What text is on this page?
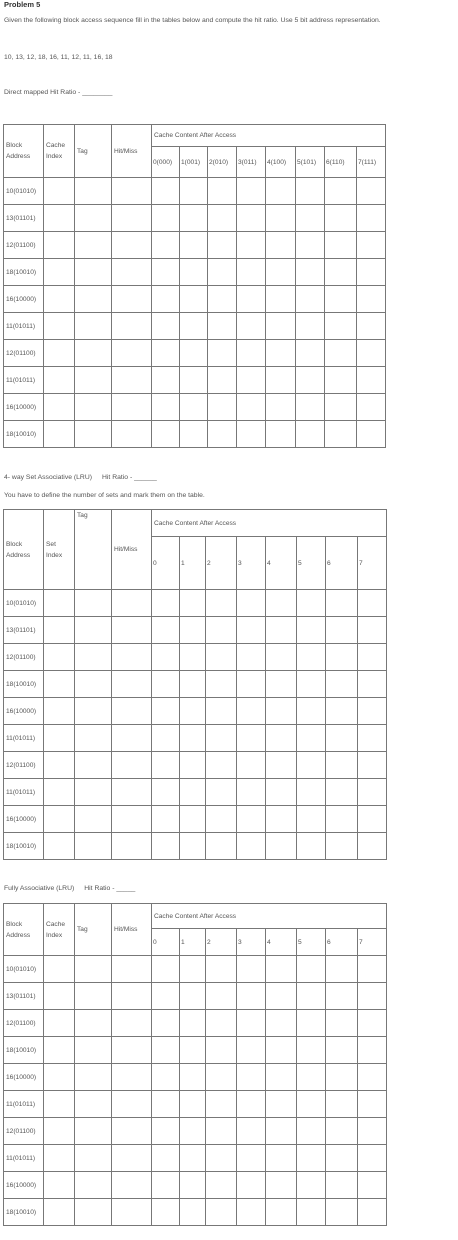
Problem 5
Given the following block access sequence fill in the tables below and compute the hit ratio. Use 5 bit address representation.
10, 13, 12, 18, 16, 11, 12, 11, 16, 18
Direct mapped Hit Ratio - ________
Block Address	Cache Index	Tag	Hit/Miss	Cache Content After Access							
				0(000)	1(001)	2(010)	3(011)	4(100)	5(101)	6(110)	7(111)
10(01010)											
13(01101)											
12(01100)											
18(10010)											
16(10000)											
11(01011)											
12(01100)											
11(01011)											
16(10000)											
18(10010)											
4- way Set Associative (LRU) Hit Ratio - ______
You have to define the number of sets and mark them on the table.
Block Address	Set Index	Tag	Hit/Miss	Cache Content After Access							
				0	1	2	3	4	5	6	7
10(01010)											
13(01101)											
12(01100)											
18(10010)											
16(10000)											
11(01011)											
12(01100)											
11(01011)											
16(10000)											
18(10010)											
Fully Associative (LRU) Hit Ratio - _____
Block Address	Cache Index	Tag	Hit/Miss	Cache Content After Access							
				0	1	2	3	4	5	6	7
10(01010)											
13(01101)											
12(01100)											
18(10010)											
16(10000)											
11(01011)											
12(01100)											
11(01011)											
16(10000)											
18(10010)											
